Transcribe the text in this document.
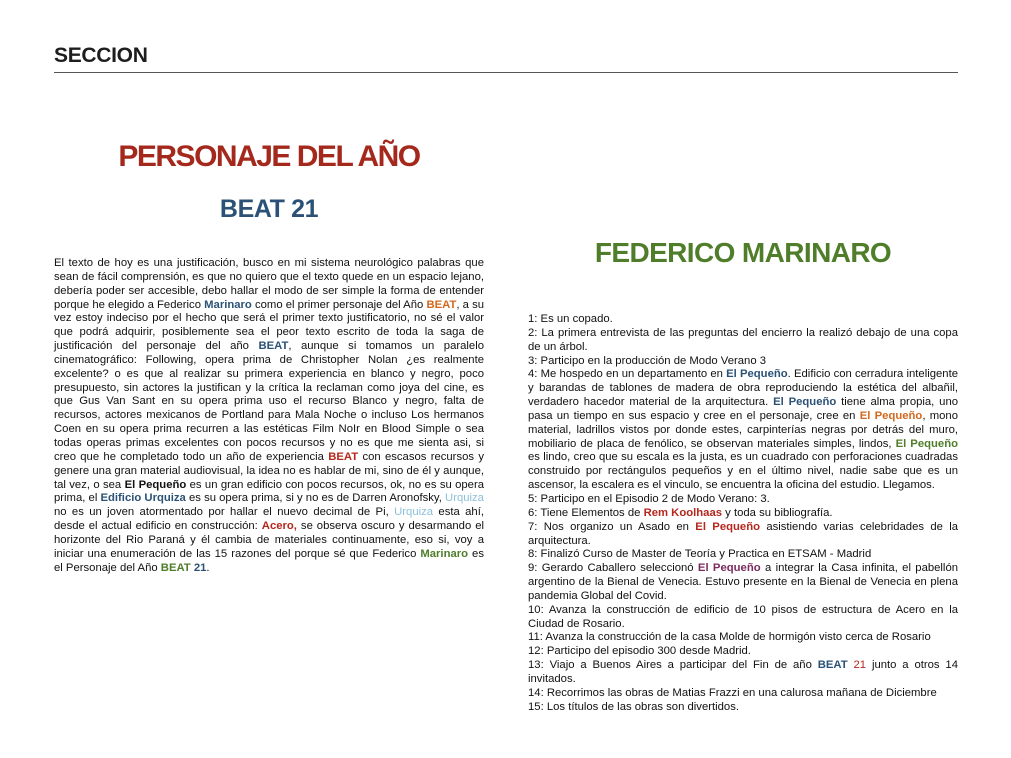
SECCION
PERSONAJE DEL AÑO
BEAT 21
FEDERICO MARINARO
El texto de hoy es una justificación, busco en mi sistema neurológico palabras que sean de fácil comprensión, es que no quiero que el texto quede en un espacio lejano, debería poder ser accesible, debo hallar el modo de ser simple la forma de entender porque he elegido a Federico Marinaro como el primer personaje del Año BEAT, a su vez estoy indeciso por el hecho que será el primer texto justificatorio, no sé el valor que podrá adquirir, posiblemente sea el peor texto escrito de toda la saga de justificación del personaje del año BEAT, aunque si tomamos un paralelo cinematográfico: Following, opera prima de Christopher Nolan ¿es realmente excelente? o es que al realizar su primera experiencia en blanco y negro, poco presupuesto, sin actores la justifican y la crítica la reclaman como joya del cine, es que Gus Van Sant en su opera prima uso el recurso Blanco y negro, falta de recursos, actores mexicanos de Portland para Mala Noche o incluso Los hermanos Coen en su opera prima recurren a las estéticas Film NoIr en Blood Simple o sea todas operas primas excelentes con pocos recursos y no es que me sienta asi, si creo que he completado todo un año de experiencia BEAT con escasos recursos y genere una gran material audiovisual, la idea no es hablar de mi, sino de él y aunque, tal vez, o sea El Pequeño es un gran edificio con pocos recursos, ok, no es su opera prima, el Edificio Urquiza es su opera prima, si y no es de Darren Aronofsky, Urquiza no es un joven atormentado por hallar el nuevo decimal de Pi, Urquiza esta ahí, desde el actual edificio en construcción: Acero, se observa oscuro y desarmando el horizonte del Rio Paraná y él cambia de materiales continuamente, eso si, voy a iniciar una enumeración de las 15 razones del porque sé que Federico Marinaro es el Personaje del Año BEAT 21.
1: Es un copado.
2: La primera entrevista de las preguntas del encierro la realizó debajo de una copa de un árbol.
3: Participo en la producción de Modo Verano 3
4: Me hospedo en un departamento en El Pequeño. Edificio con cerradura inteligente y barandas de tablones de madera de obra reproduciendo la estética del albañil, verdadero hacedor material de la arquitectura. El Pequeño tiene alma propia, uno pasa un tiempo en sus espacio y cree en el personaje, cree en El Pequeño, mono material, ladrillos vistos por donde estes, carpinterías negras por detrás del muro, mobiliario de placa de fenólico, se observan materiales simples, lindos, El Pequeño es lindo, creo que su escala es la justa, es un cuadrado con perforaciones cuadradas construido por rectángulos pequeños y en el último nivel, nadie sabe que es un ascensor, la escalera es el vinculo, se encuentra la oficina del estudio. Llegamos.
5: Participo en el Episodio 2 de Modo Verano: 3.
6: Tiene Elementos de Rem Koolhaas y toda su bibliografía.
7: Nos organizo un Asado en El Pequeño asistiendo varias celebridades de la arquitectura.
8: Finalizó Curso de Master de Teoría y Practica en ETSAM - Madrid
9: Gerardo Caballero seleccionó El Pequeño a integrar la Casa infinita, el pabellón argentino de la Bienal de Venecia. Estuvo presente en la Bienal de Venecia en plena pandemia Global del Covid.
10: Avanza la construcción de edificio de 10 pisos de estructura de Acero en la Ciudad de Rosario.
11: Avanza la construcción de la casa Molde de hormigón visto cerca de Rosario
12: Participo del episodio 300 desde Madrid.
13: Viajo a Buenos Aires a participar del Fin de año BEAT 21 junto a otros 14 invitados.
14: Recorrimos las obras de Matias Frazzi en una calurosa mañana de Diciembre
15: Los títulos de las obras son divertidos.
